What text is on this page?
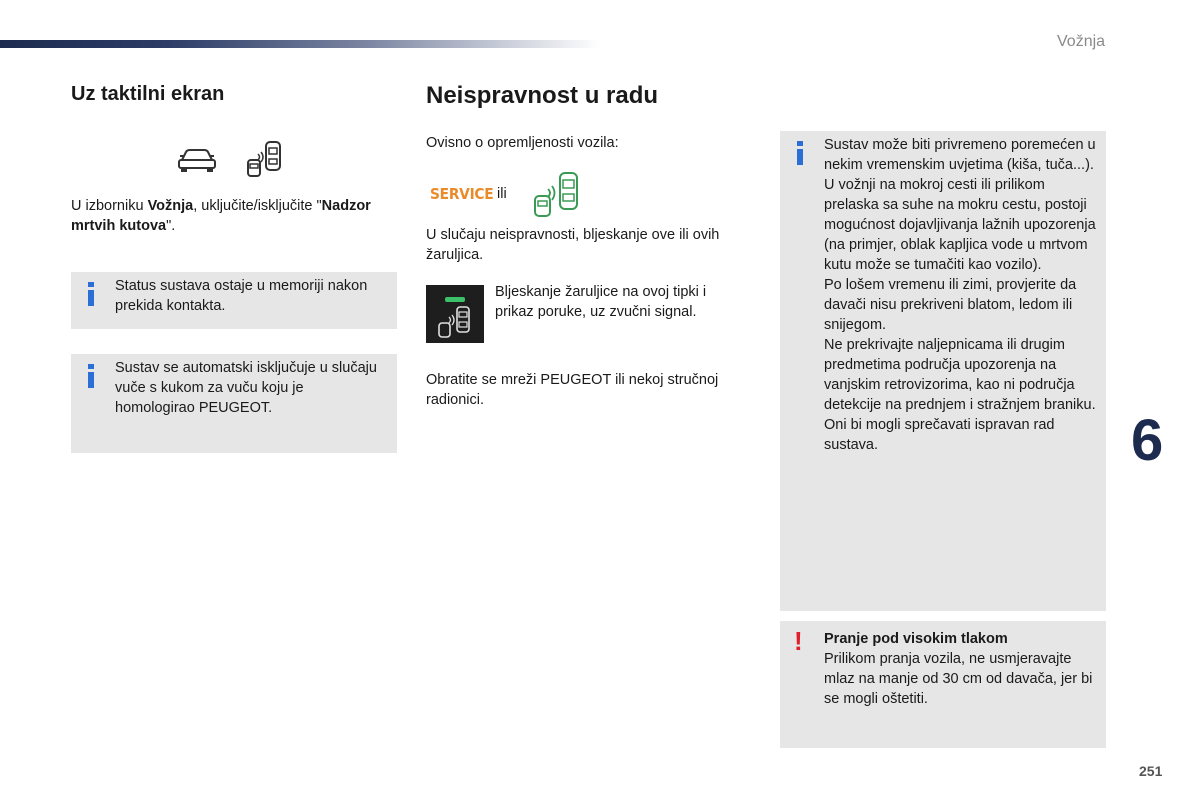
Vožnja
Uz taktilni ekran

U izborniku Vožnja, uključite/isključite "Nadzor mrtvih kutova".

Status sustava ostaje u memoriji nakon prekida kontakta.

Sustav se automatski isključuje u slučaju vuče s kukom za vuču koju je homologirao PEUGEOT.

Neispravnost u radu

Ovisno o opremljenosti vozila:

SERVICE ili

U slučaju neispravnosti, bljeskanje ove ili ovih žaruljica.

Bljeskanje žaruljice na ovoj tipki i prikaz poruke, uz zvučni signal.

Obratite se mreži PEUGEOT ili nekoj stručnoj radionici.

Sustav može biti privremeno poremećen u nekim vremenskim uvjetima (kiša, tuča...).

U vožnji na mokroj cesti ili prilikom prelaska sa suhe na mokru cestu, postoji mogućnost dojavljivanja lažnih upozorenja (na primjer, oblak kapljica vode u mrtvom kutu može se tumačiti kao vozilo).

Po lošem vremenu ili zimi, provjerite da davači nisu prekriveni blatom, ledom ili snijegom.

Ne prekrivajte naljepnicama ili drugim predmetima područja upozorenja na vanjskim retrovizorima, kao ni područja detekcije na prednjem i stražnjem braniku. Oni bi mogli sprečavati ispravan rad sustava.

! Pranje pod visokim tlakom
Prilikom pranja vozila, ne usmjeravajte mlaz na manje od 30 cm od davača, jer bi se mogli oštetiti.

6
251
